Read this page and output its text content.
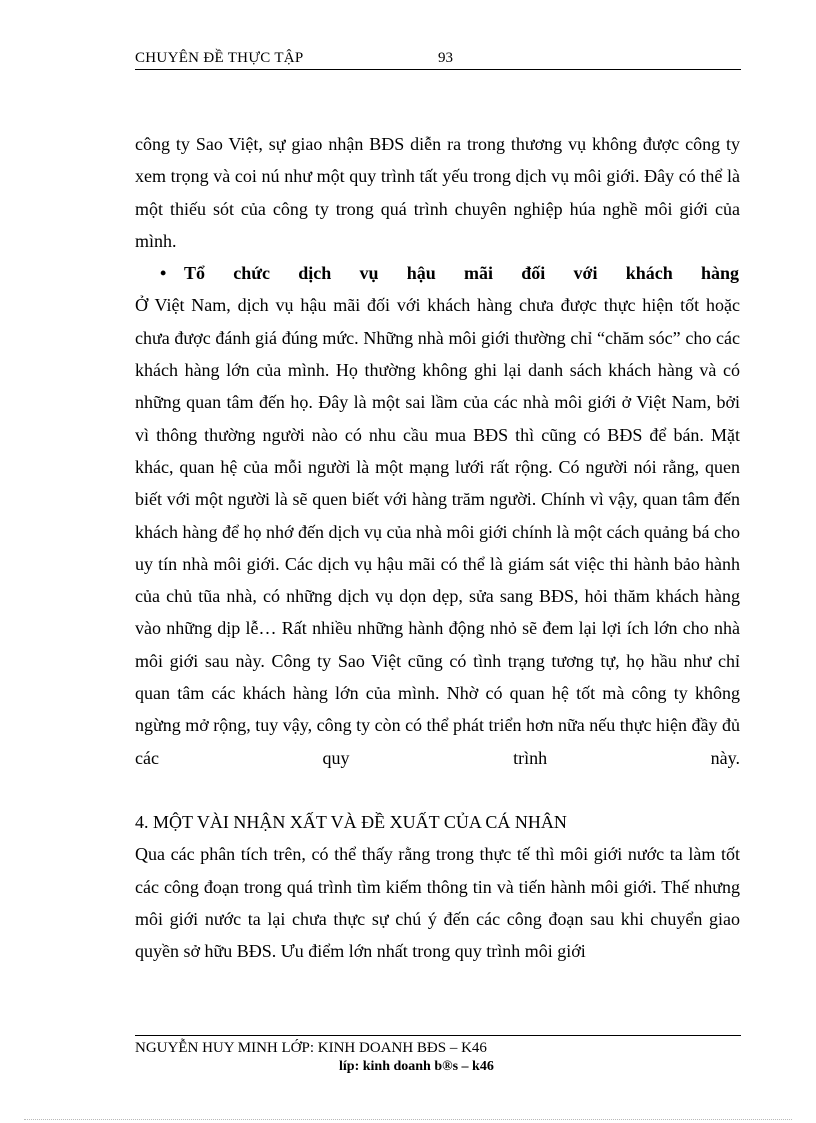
CHUYÊN ĐỀ THỰC TẬP	93

công ty Sao Việt, sự giao nhận BĐS diễn ra trong thương vụ không được công ty xem trọng và coi nú như một quy trình tất yếu trong dịch vụ môi giới. Đây có thể là một thiếu sót của công ty trong quá trình chuyên nghiệp húa nghề môi giới của mình.

• Tổ chức dịch vụ hậu mãi đối với khách hàng

Ở Việt Nam, dịch vụ hậu mãi đối với khách hàng chưa được thực hiện tốt hoặc chưa được đánh giá đúng mức. Những nhà môi giới thường chỉ “chăm sóc” cho các khách hàng lớn của mình. Họ thường không ghi lại danh sách khách hàng và có những quan tâm đến họ. Đây là một sai lầm của các nhà môi giới ở Việt Nam, bởi vì thông thường người nào có nhu cầu mua BĐS thì cũng có BĐS để bán. Mặt khác, quan hệ của mỗi người là một mạng lưới rất rộng. Có người nói rằng, quen biết với một người là sẽ quen biết với hàng trăm người. Chính vì vậy, quan tâm đến khách hàng để họ nhớ đến dịch vụ của nhà môi giới chính là một cách quảng bá cho uy tín nhà môi giới. Các dịch vụ hậu mãi có thể là giám sát việc thi hành bảo hành của chủ tũa nhà, có những dịch vụ dọn dẹp, sửa sang BĐS, hỏi thăm khách hàng vào những dịp lễ… Rất nhiều những hành động nhỏ sẽ đem lại lợi ích lớn cho nhà môi giới sau này. Công ty Sao Việt cũng có tình trạng tương tự, họ hầu như chỉ quan tâm các khách hàng lớn của mình. Nhờ có quan hệ tốt mà công ty không ngừng mở rộng, tuy vậy, công ty còn có thể phát triển hơn nữa nếu thực hiện đầy đủ các quy trình này.

4. MỘT VÀI NHẬN XẤT VÀ ĐỀ XUẤT CỦA CÁ NHÂN

Qua các phân tích trên, có thể thấy rằng trong thực tế thì môi giới nước ta làm tốt các công đoạn trong quá trình tìm kiếm thông tin và tiến hành môi giới. Thế nhưng môi giới nước ta lại chưa thực sự chú ý đến các công đoạn sau khi chuyển giao quyền sở hữu BĐS. Ưu điểm lớn nhất trong quy trình môi giới

NGUYỄN HUY MINH LỚP: KINH DOANH BĐS – K46
líp: kinh doanh b®s – k46
